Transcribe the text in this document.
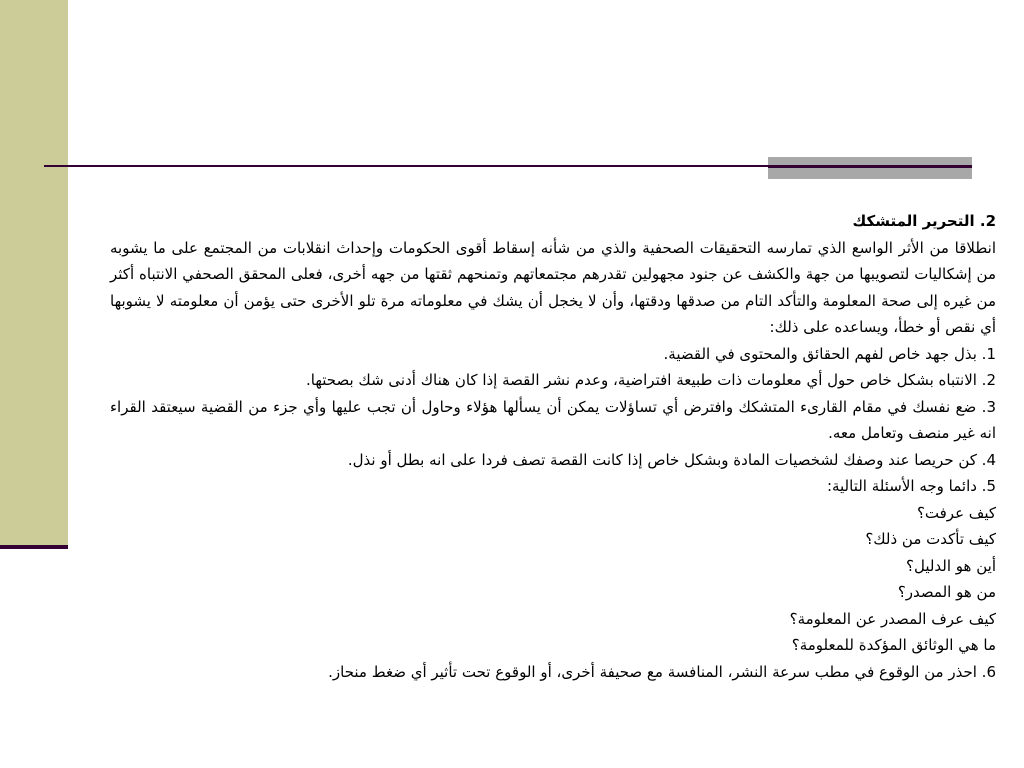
2. التحرير المتشكك

انطلاقا من الأثر الواسع الذي تمارسه التحقيقات الصحفية والذي من شأنه إسقاط أقوى الحكومات وإحداث انقلابات من المجتمع على ما يشوبه من إشكاليات لتصويبها من جهة والكشف عن جنود مجهولين تقدرهم مجتمعاتهم وتمنحهم ثقتها من جهه أخرى، فعلى المحقق الصحفي الانتباه أكثر من غيره إلى صحة المعلومة والتأكد التام من صدقها ودقتها، وأن لا يخجل أن يشك في معلوماته مرة تلو الأخرى حتى يؤمن أن معلومته لا يشوبها أي نقص أو خطأ، ويساعده على ذلك:

1. بذل جهد خاص لفهم الحقائق والمحتوى في القضية.

2. الانتباه بشكل خاص حول أي معلومات ذات طبيعة افتراضية، وعدم نشر القصة إذا كان هناك أدنى شك بصحتها.

3. ضع نفسك في مقام القارىء المتشكك وافترض أي تساؤلات يمكن أن يسألها هؤلاء وحاول أن تجب عليها وأي جزء من القضية سيعتقد القراء انه غير منصف وتعامل معه.

4. كن حريصا عند وصفك لشخصيات المادة وبشكل خاص إذا كانت القصة تصف فردا على انه بطل أو نذل.

5. دائما وجه الأسئلة التالية:

كيف عرفت؟

كيف تأكدت من ذلك؟

أين هو الدليل؟

من هو المصدر؟

كيف عرف المصدر عن المعلومة؟

ما هي الوثائق المؤكدة للمعلومة؟

6. احذر من الوقوع في مطب سرعة النشر، المنافسة مع صحيفة أخرى، أو الوقوع تحت تأثير أي ضغط منحاز.
